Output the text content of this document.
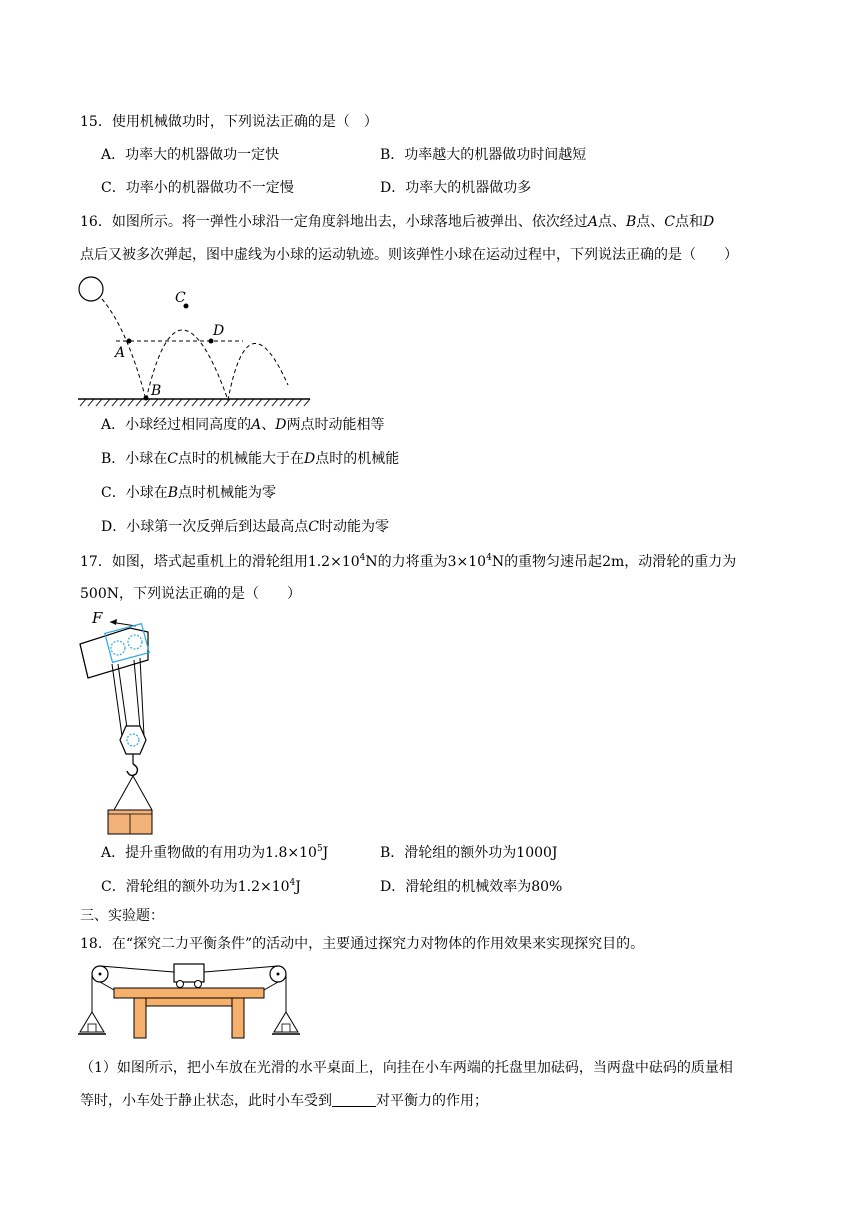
15．使用机械做功时，下列说法正确的是（　）
A．功率大的机器做功一定快	B．功率越大的机器做功时间越短
C．功率小的机器做功不一定慢	D．功率大的机器做功多
16．如图所示。将一弹性小球沿一定角度斜地出去，小球落地后被弹出、依次经过A点、B点、C点和D
点后又被多次弹起，图中虚线为小球的运动轨迹。则该弹性小球在运动过程中，下列说法正确的是（　　）
A
B
C
D
A．小球经过相同高度的A、D两点时动能相等
B．小球在C点时的机械能大于在D点时的机械能
C．小球在B点时机械能为零
D．小球第一次反弹后到达最高点C时动能为零
17．如图，塔式起重机上的滑轮组用$1.2\times 10^4N$的力将重为$3\times 10^4N$的重物匀速吊起2m，动滑轮的重力为
500N，下列说法正确的是（　　）
F
A．提升重物做的有用功为$1.8\times 10^5J$	B．滑轮组的额外功为1000J
C．滑轮组的额外功为$1.2\times 10^4J$	D．滑轮组的机械效率为80%
三、实验题：
18．在“探究二力平衡条件”的活动中，主要通过探究力对物体的作用效果来实现探究目的。
（1）如图所示，把小车放在光滑的水平桌面上，向挂在小车两端的托盘里加砝码，当两盘中砝码的质量相
等时，小车处于静止状态，此时小车受到	对平衡力的作用；
